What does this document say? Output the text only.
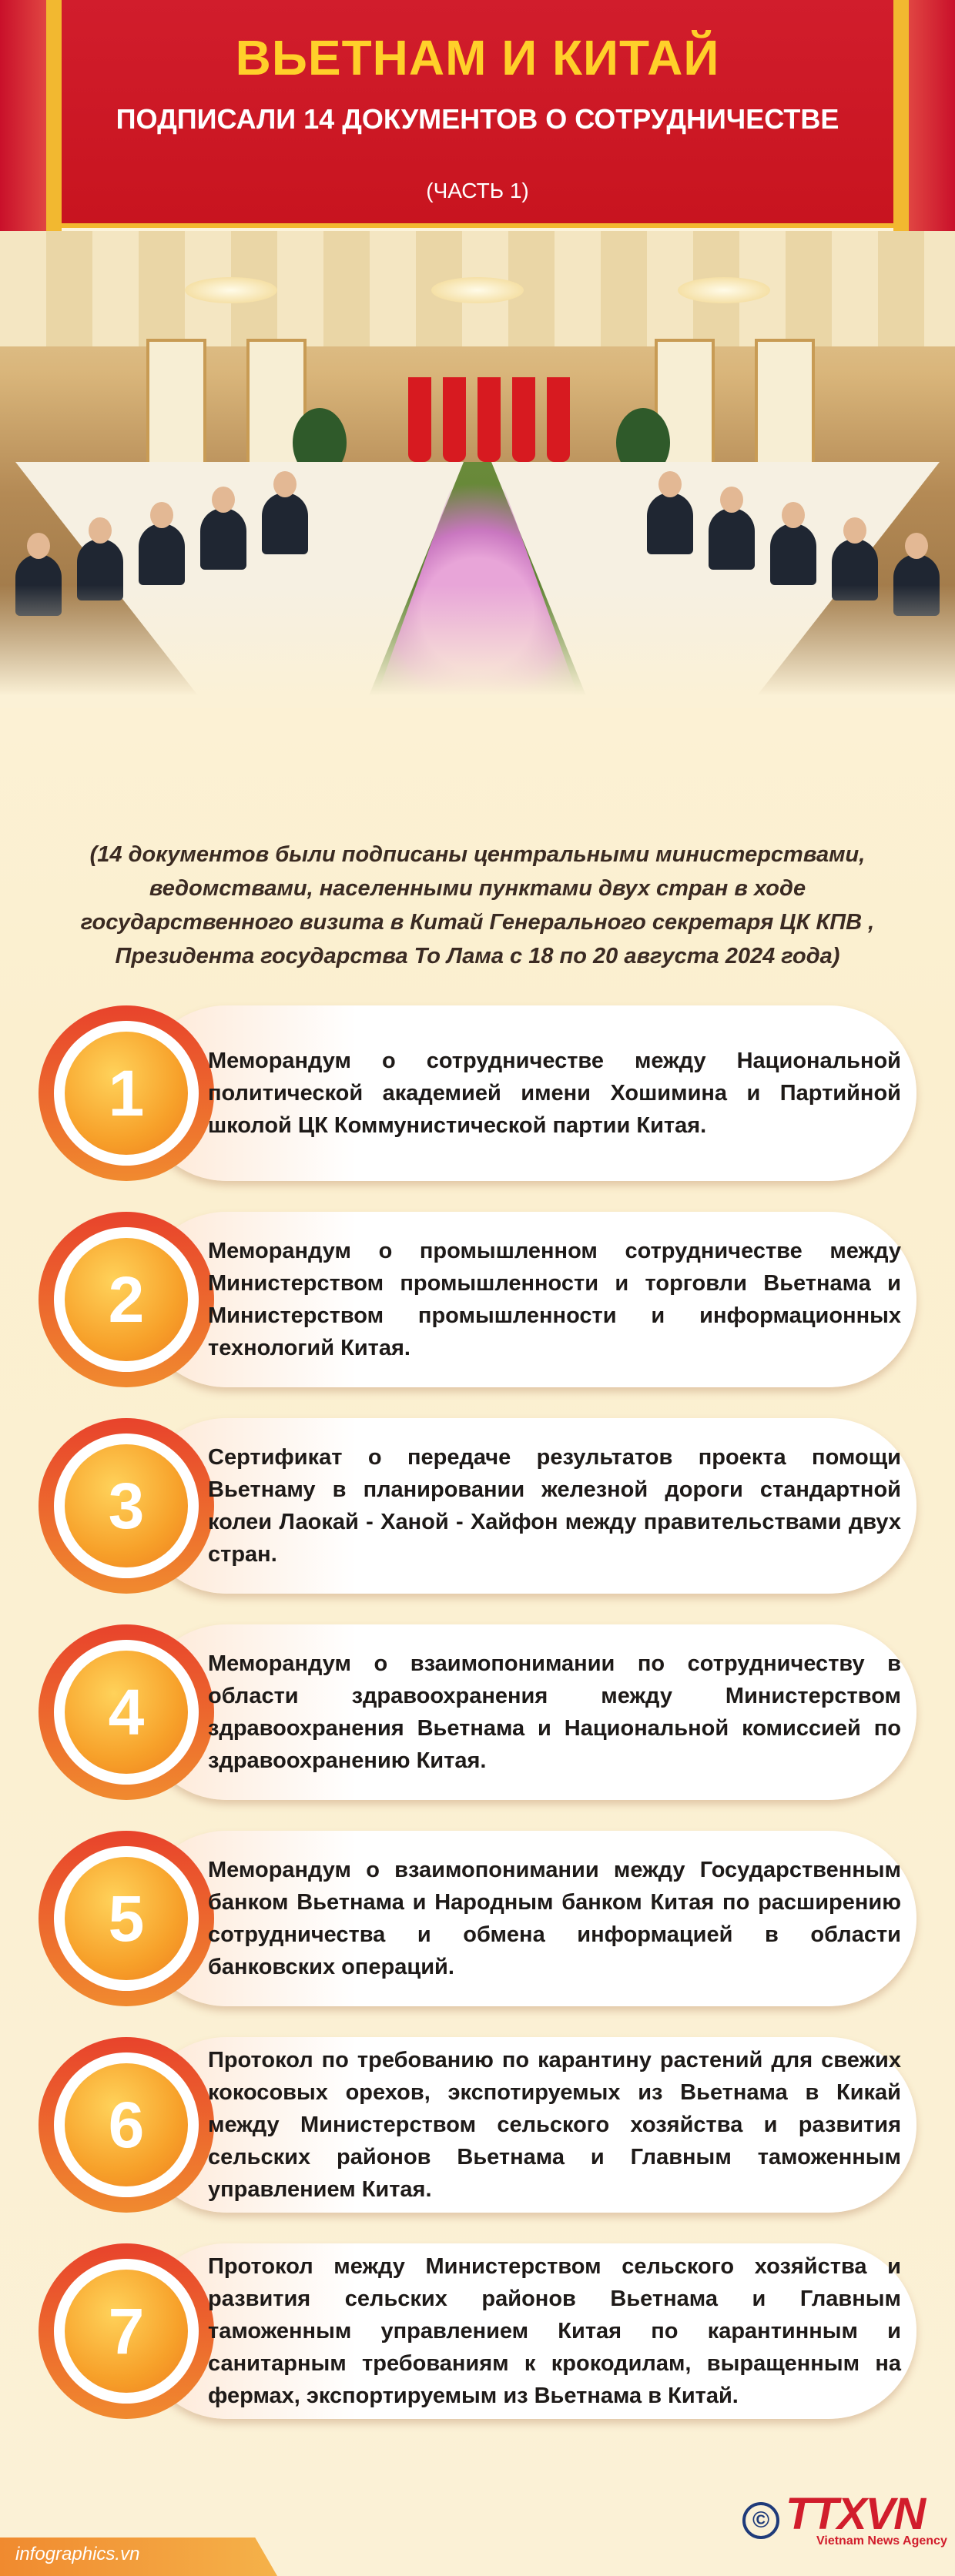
ВЬЕТНАМ И КИТАЙ
ПОДПИСАЛИ 14 ДОКУМЕНТОВ О СОТРУДНИЧЕСТВЕ
(ЧАСТЬ 1)
(14 документов были подписаны центральными министерствами, ведомствами, населенными пунктами двух стран в ходе государственного визита в Китай Генерального секретаря ЦК КПВ , Президента государства То Лама с 18 по 20 августа 2024 года)
1	Меморандум о сотрудничестве между Национальной политической академией имени Хошимина и Партийной школой ЦК Коммунистической партии Китая.
2
Меморандум о промышленном сотрудничестве между Министерством промышленности и торговли Вьетнама и Министерством промышленности и информационных технологий Китая.
3
Сертификат о передаче результатов проекта помощи Вьетнаму в планировании железной дороги стандартной колеи Лаокай - Ханой - Хайфон между правительствами двух стран.
4
Меморандум о взаимопонимании по сотрудничеству в области здравоохранения между Министерством здравоохранения Вьетнама и Национальной комиссией по здравоохранению Китая.
5
Меморандум о взаимопонимании между Государственным банком Вьетнама и Народным банком Китая по расширению сотрудничества и обмена информацией в области банковских операций.
6
Протокол по требованию по карантину растений для свежих кокосовых орехов, экспотируемых из Вьетнама в Кикай между Министерством сельского хозяйства и развития сельских районов Вьетнама и Главным таможенным управлением Китая.
7
Протокол между Министерством сельского хозяйства и развития сельских районов Вьетнама и Главным таможенным управлением Китая по карантинным и санитарным требованиям к крокодилам, выращенным на фермах, экспортируемым из Вьетнама в Китай.
infographics.vn
© TTXVN
Vietnam News Agency
